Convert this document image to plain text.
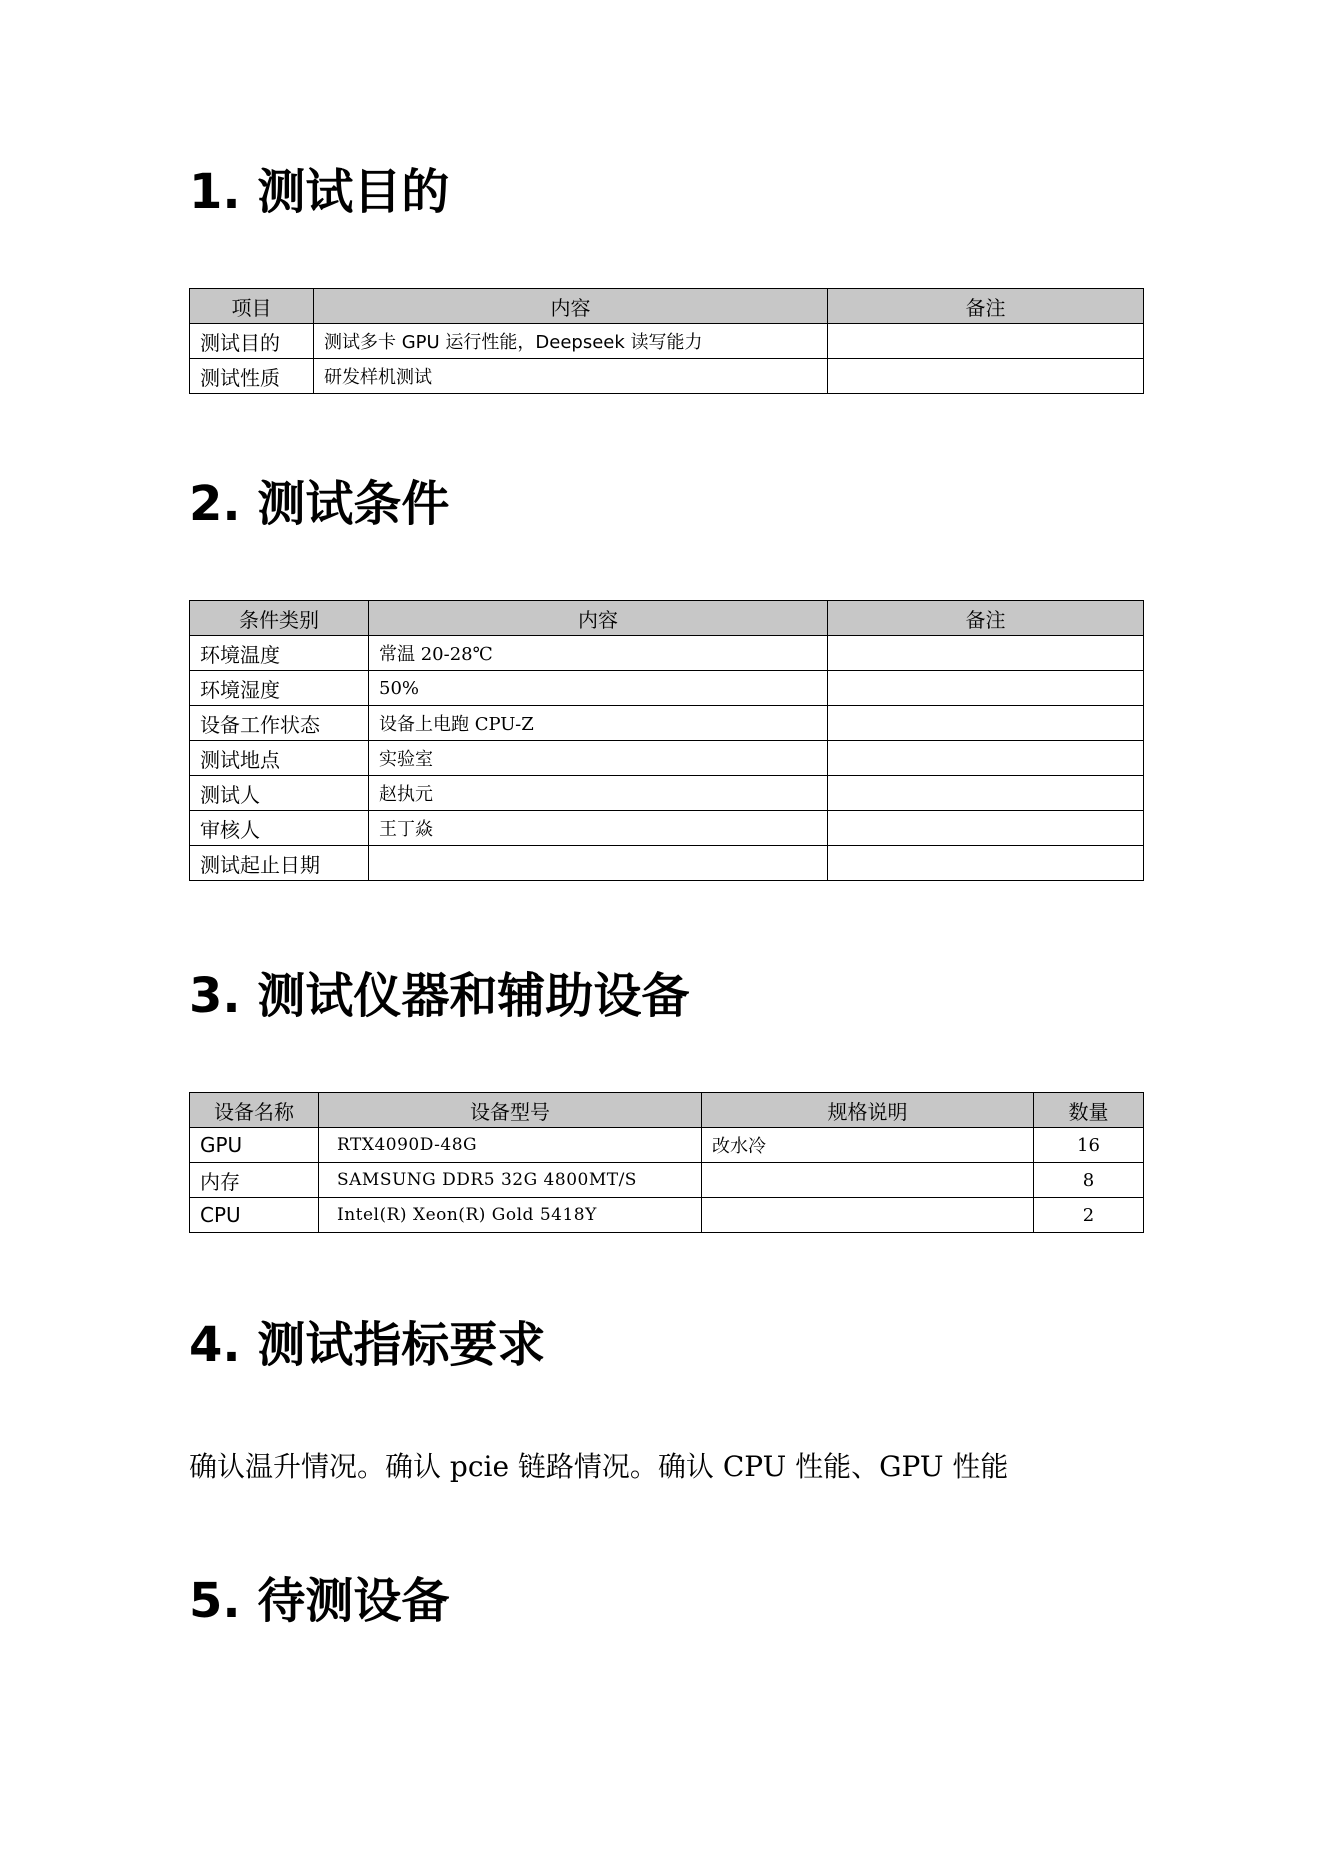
1. 测试目的
项目	内容	备注
测试目的	测试多卡 GPU 运行性能，Deepseek 读写能力	
测试性质	研发样机测试	
2. 测试条件
条件类别	内容	备注
环境温度	常温 20-28℃	
环境湿度	50%	
设备工作状态	设备上电跑 CPU-Z	
测试地点	实验室	
测试人	赵执元	
审核人	王丁焱	
测试起止日期		
3. 测试仪器和辅助设备
设备名称	设备型号	规格说明	数量
GPU	RTX4090D-48G	改水冷	16
内存	SAMSUNG DDR5 32G 4800MT/S		8
CPU	Intel(R) Xeon(R) Gold 5418Y		2
4. 测试指标要求

确认温升情况。确认 pcie 链路情况。确认 CPU 性能、GPU 性能

5. 待测设备
